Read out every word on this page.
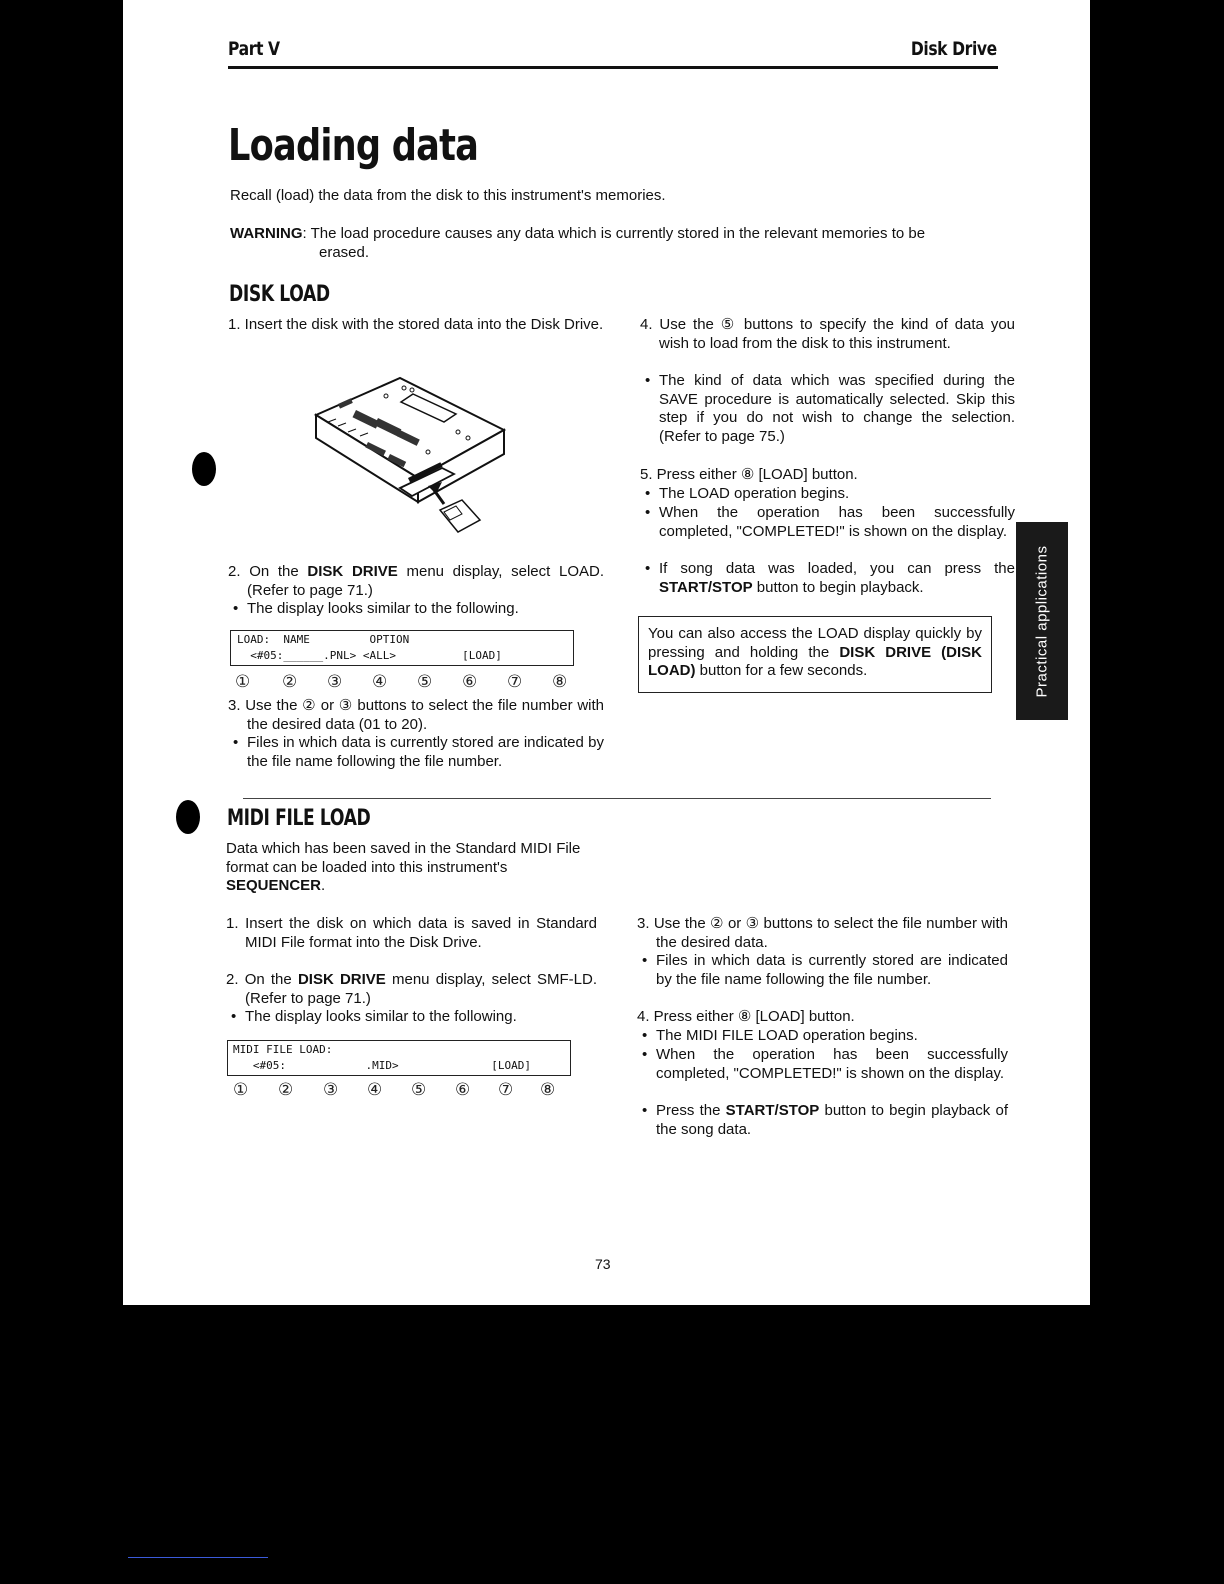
Part V	Disk Drive
Loading data
Recall (load) the data from the disk to this instrument's memories.
WARNING: The load procedure causes any data which is currently stored in the relevant memories to be
erased.
DISK LOAD
1. Insert the disk with the stored data into the Disk Drive.
2. On the DISK DRIVE menu display, select LOAD. (Refer to page 71.)
• The display looks similar to the following.
LOAD:  NAME         OPTION
<#05:______.PNL> <ALL>          [LOAD]
① ② ③ ④ ⑤ ⑥ ⑦ ⑧
3. Use the ② or ③ buttons to select the file number with the desired data (01 to 20).
• Files in which data is currently stored are indicated by the file name following the file number.
4. Use the ⑤ buttons to specify the kind of data you wish to load from the disk to this instrument.
• The kind of data which was specified during the SAVE procedure is automatically selected. Skip this step if you do not wish to change the selection. (Refer to page 75.)
5. Press either ⑧ [LOAD] button.
• The LOAD operation begins.
• When the operation has been successfully completed, "COMPLETED!" is shown on the display.
• If song data was loaded, you can press the START/STOP button to begin playback.
You can also access the LOAD display quickly by pressing and holding the DISK DRIVE (DISK LOAD) button for a few seconds.
MIDI FILE LOAD
Data which has been saved in the Standard MIDI File format can be loaded into this instrument's SEQUENCER.
1. Insert the disk on which data is saved in Standard MIDI File format into the Disk Drive.
2. On the DISK DRIVE menu display, select SMF-LD. (Refer to page 71.)
• The display looks similar to the following.
MIDI FILE LOAD:
<#05:            .MID>              [LOAD]
① ② ③ ④ ⑤ ⑥ ⑦ ⑧
3. Use the ② or ③ buttons to select the file number with the desired data.
• Files in which data is currently stored are indicated by the file name following the file number.
4. Press either ⑧ [LOAD] button.
• The MIDI FILE LOAD operation begins.
• When the operation has been successfully completed, "COMPLETED!" is shown on the display.
• Press the START/STOP button to begin playback of the song data.
73
Practical applications
